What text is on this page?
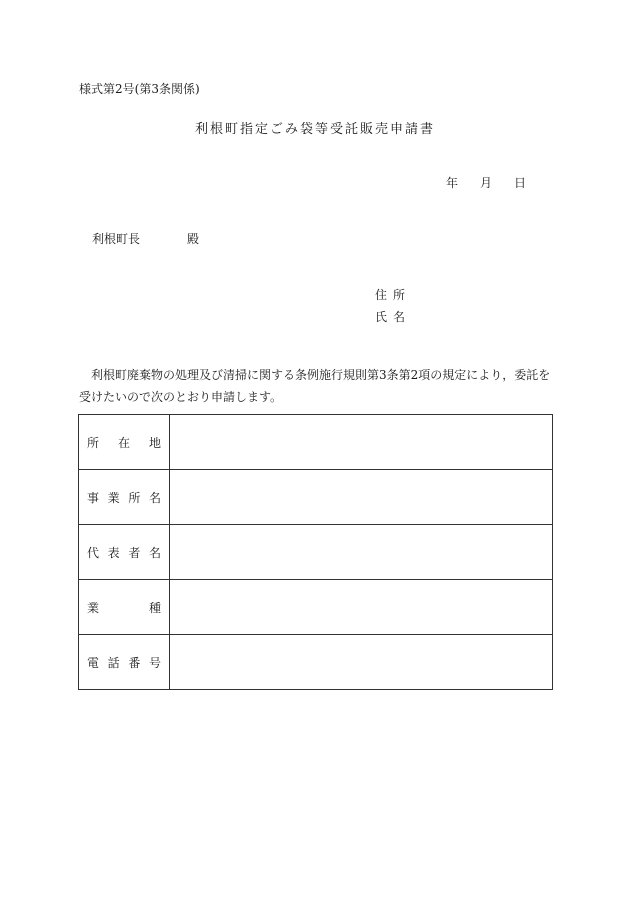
様式第2号(第3条関係)
利根町指定ごみ袋等受託販売申請書
年 月 日
利根町長	殿
住所
氏名
利根町廃棄物の処理及び清掃に関する条例施行規則第3条第2項の規定により，委託を受けたいので次のとおり申請します。
所 在 地	

事 業 所 名	

代 表 者 名	

業 種	

電 話 番 号	
